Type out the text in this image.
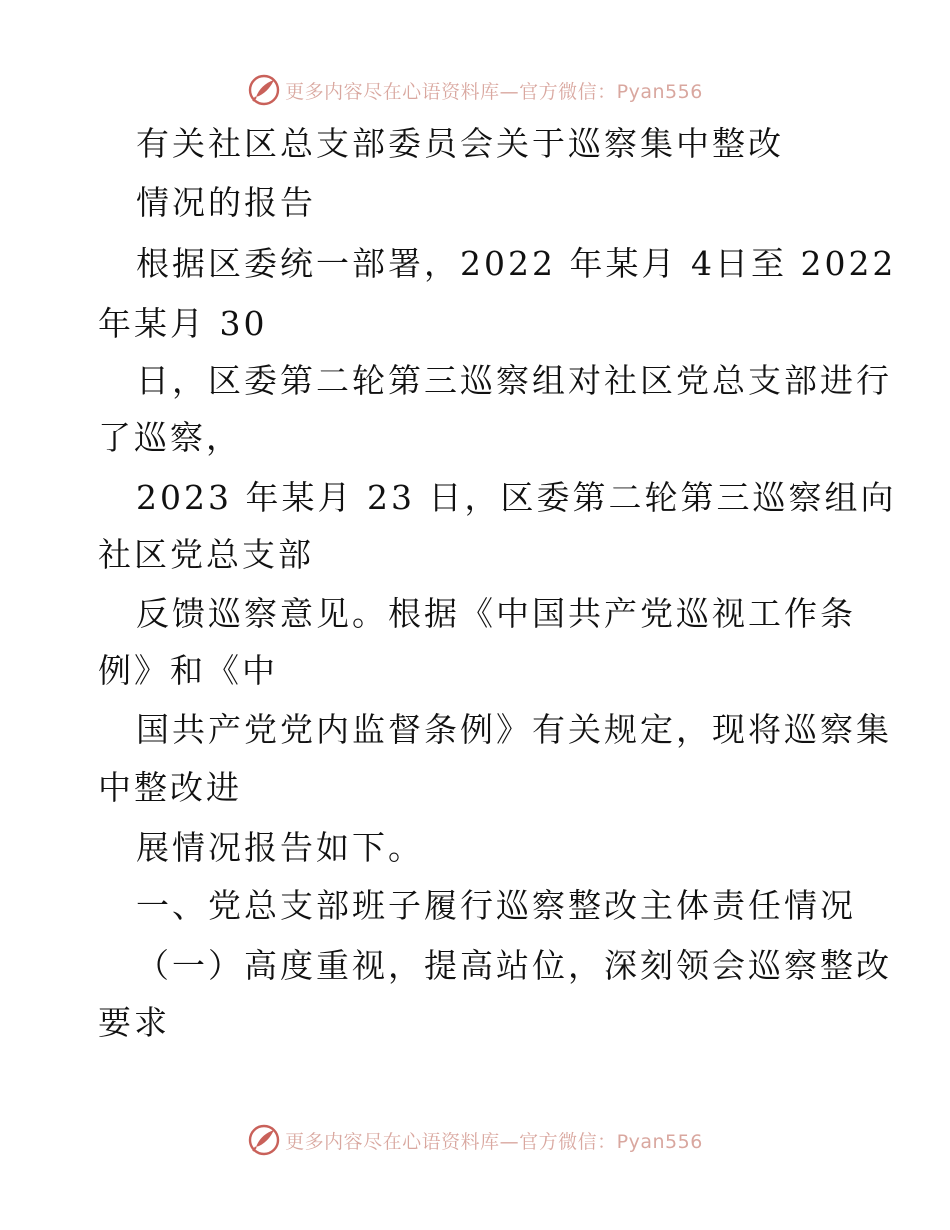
更多内容尽在心语资料库—官方微信：Pyan556
有关社区总支部委员会关于巡察集中整改
情况的报告
根据区委统一部署，2022 年某月 4日至 2022
年某月 30
日，区委第二轮第三巡察组对社区党总支部进行
了巡察，
2023 年某月 23 日，区委第二轮第三巡察组向
社区党总支部
反馈巡察意见。根据《中国共产党巡视工作条
例》和《中
国共产党党内监督条例》有关规定，现将巡察集
中整改进
展情况报告如下。
一、党总支部班子履行巡察整改主体责任情况
（一）高度重视，提高站位，深刻领会巡察整改
要求
更多内容尽在心语资料库—官方微信：Pyan556
